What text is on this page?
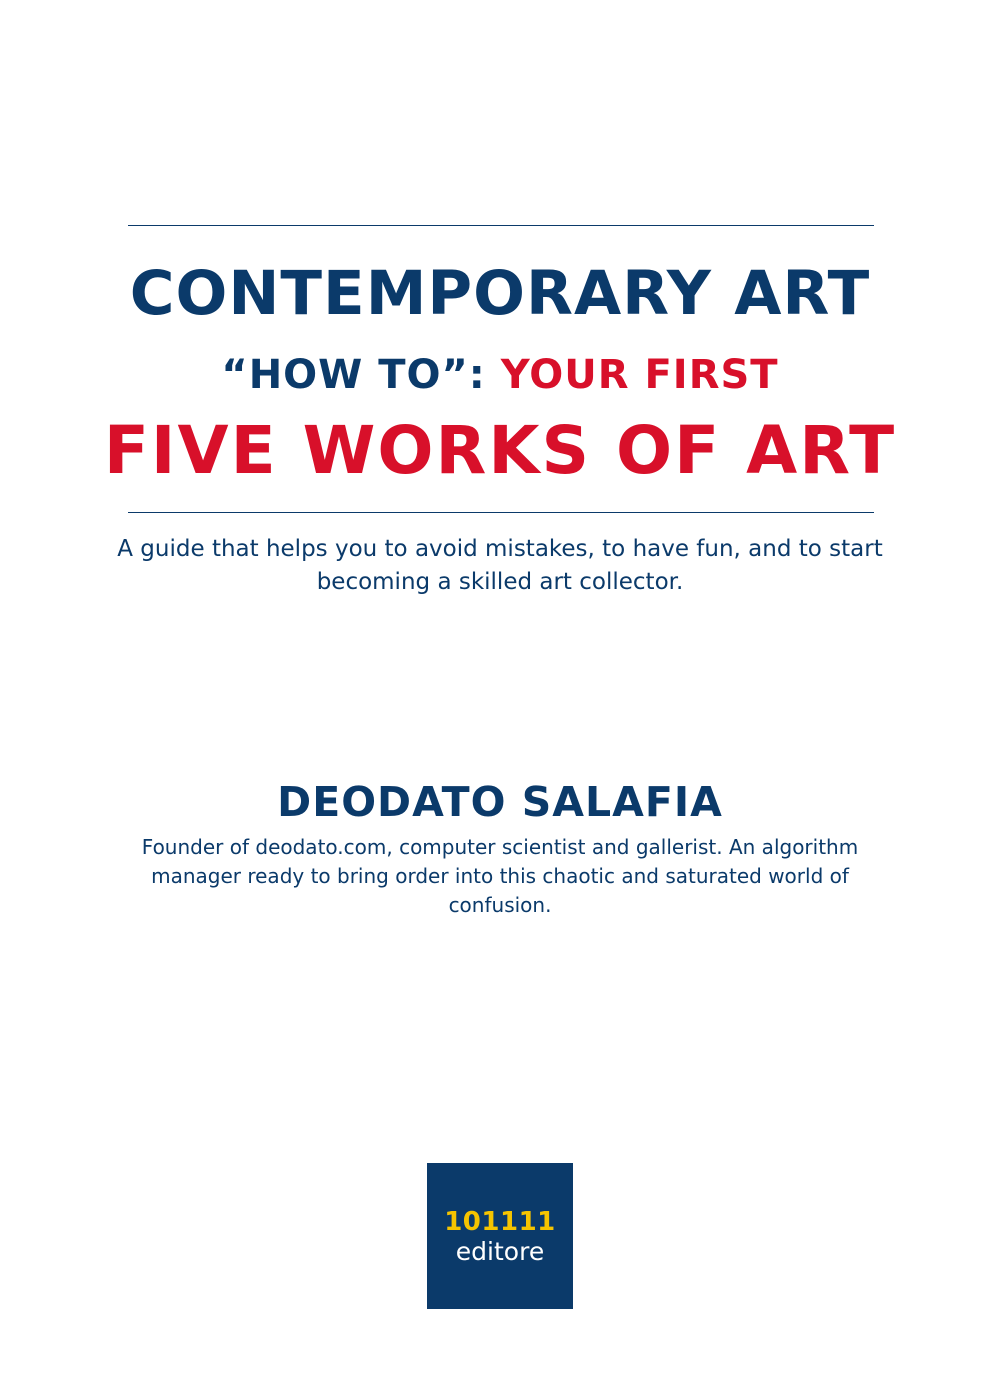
CONTEMPORARY ART
“HOW TO”: YOUR FIRST
FIVE WORKS OF ART

A guide that helps you to avoid mistakes, to have fun, and to start becoming a skilled art collector.

DEODATO SALAFIA

Founder of deodato.com, computer scientist and gallerist. An algorithm manager ready to bring order into this chaotic and saturated world of confusion.

101111
editore
